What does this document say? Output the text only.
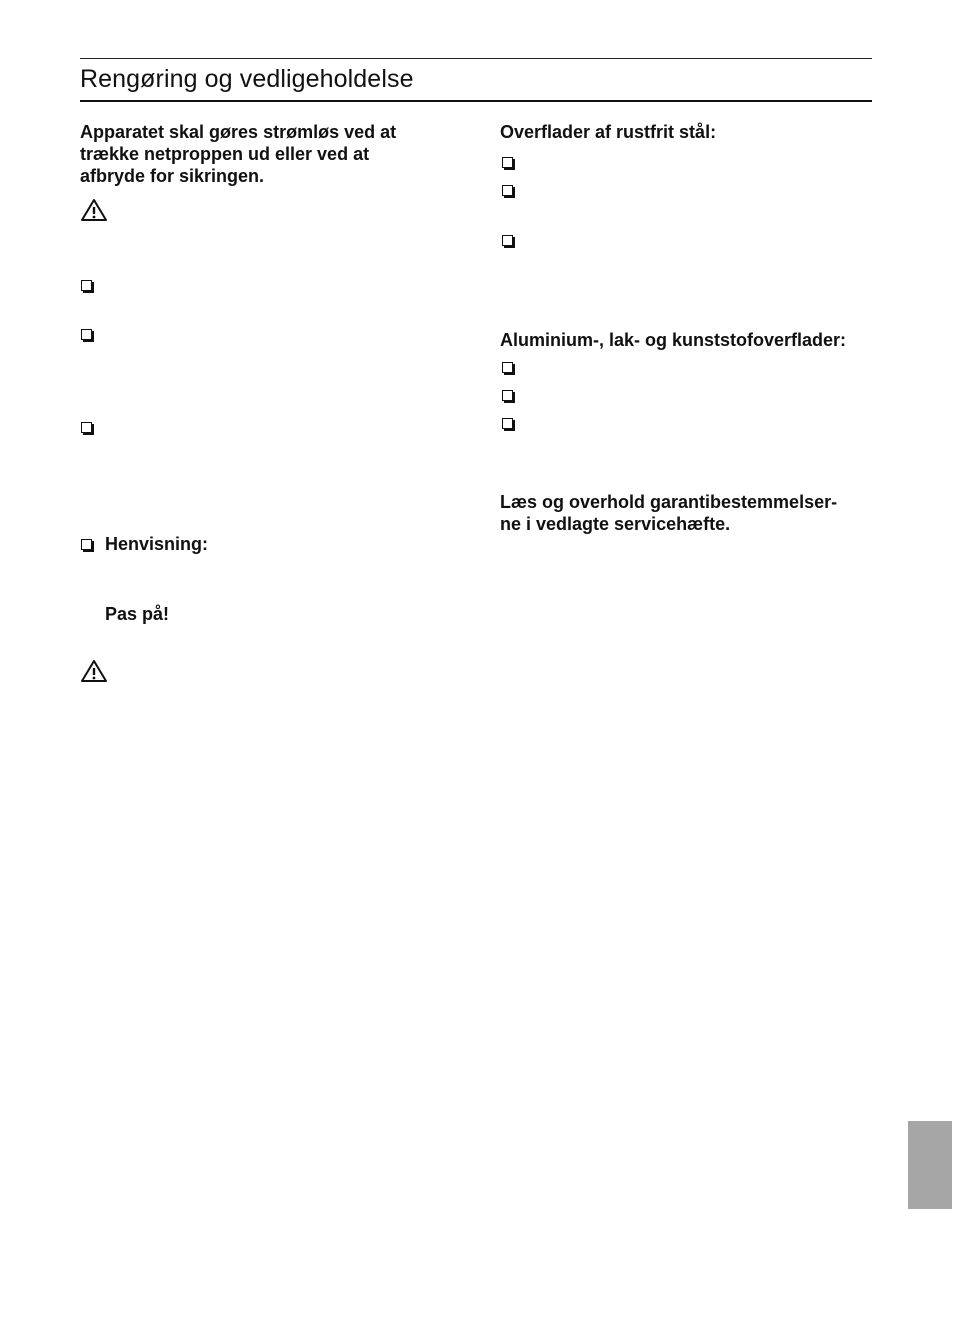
Rengøring og vedligeholdelse

Apparatet skal gøres strømløs ved at

trække netproppen ud eller ved at

afbryde for sikringen.

Henvisning:

Pas på!

Overflader af rustfrit stål:

Aluminium-, lak- og kunststofoverflader:

Læs og overhold garantibestemmelser-

ne i vedlagte servicehæfte.
